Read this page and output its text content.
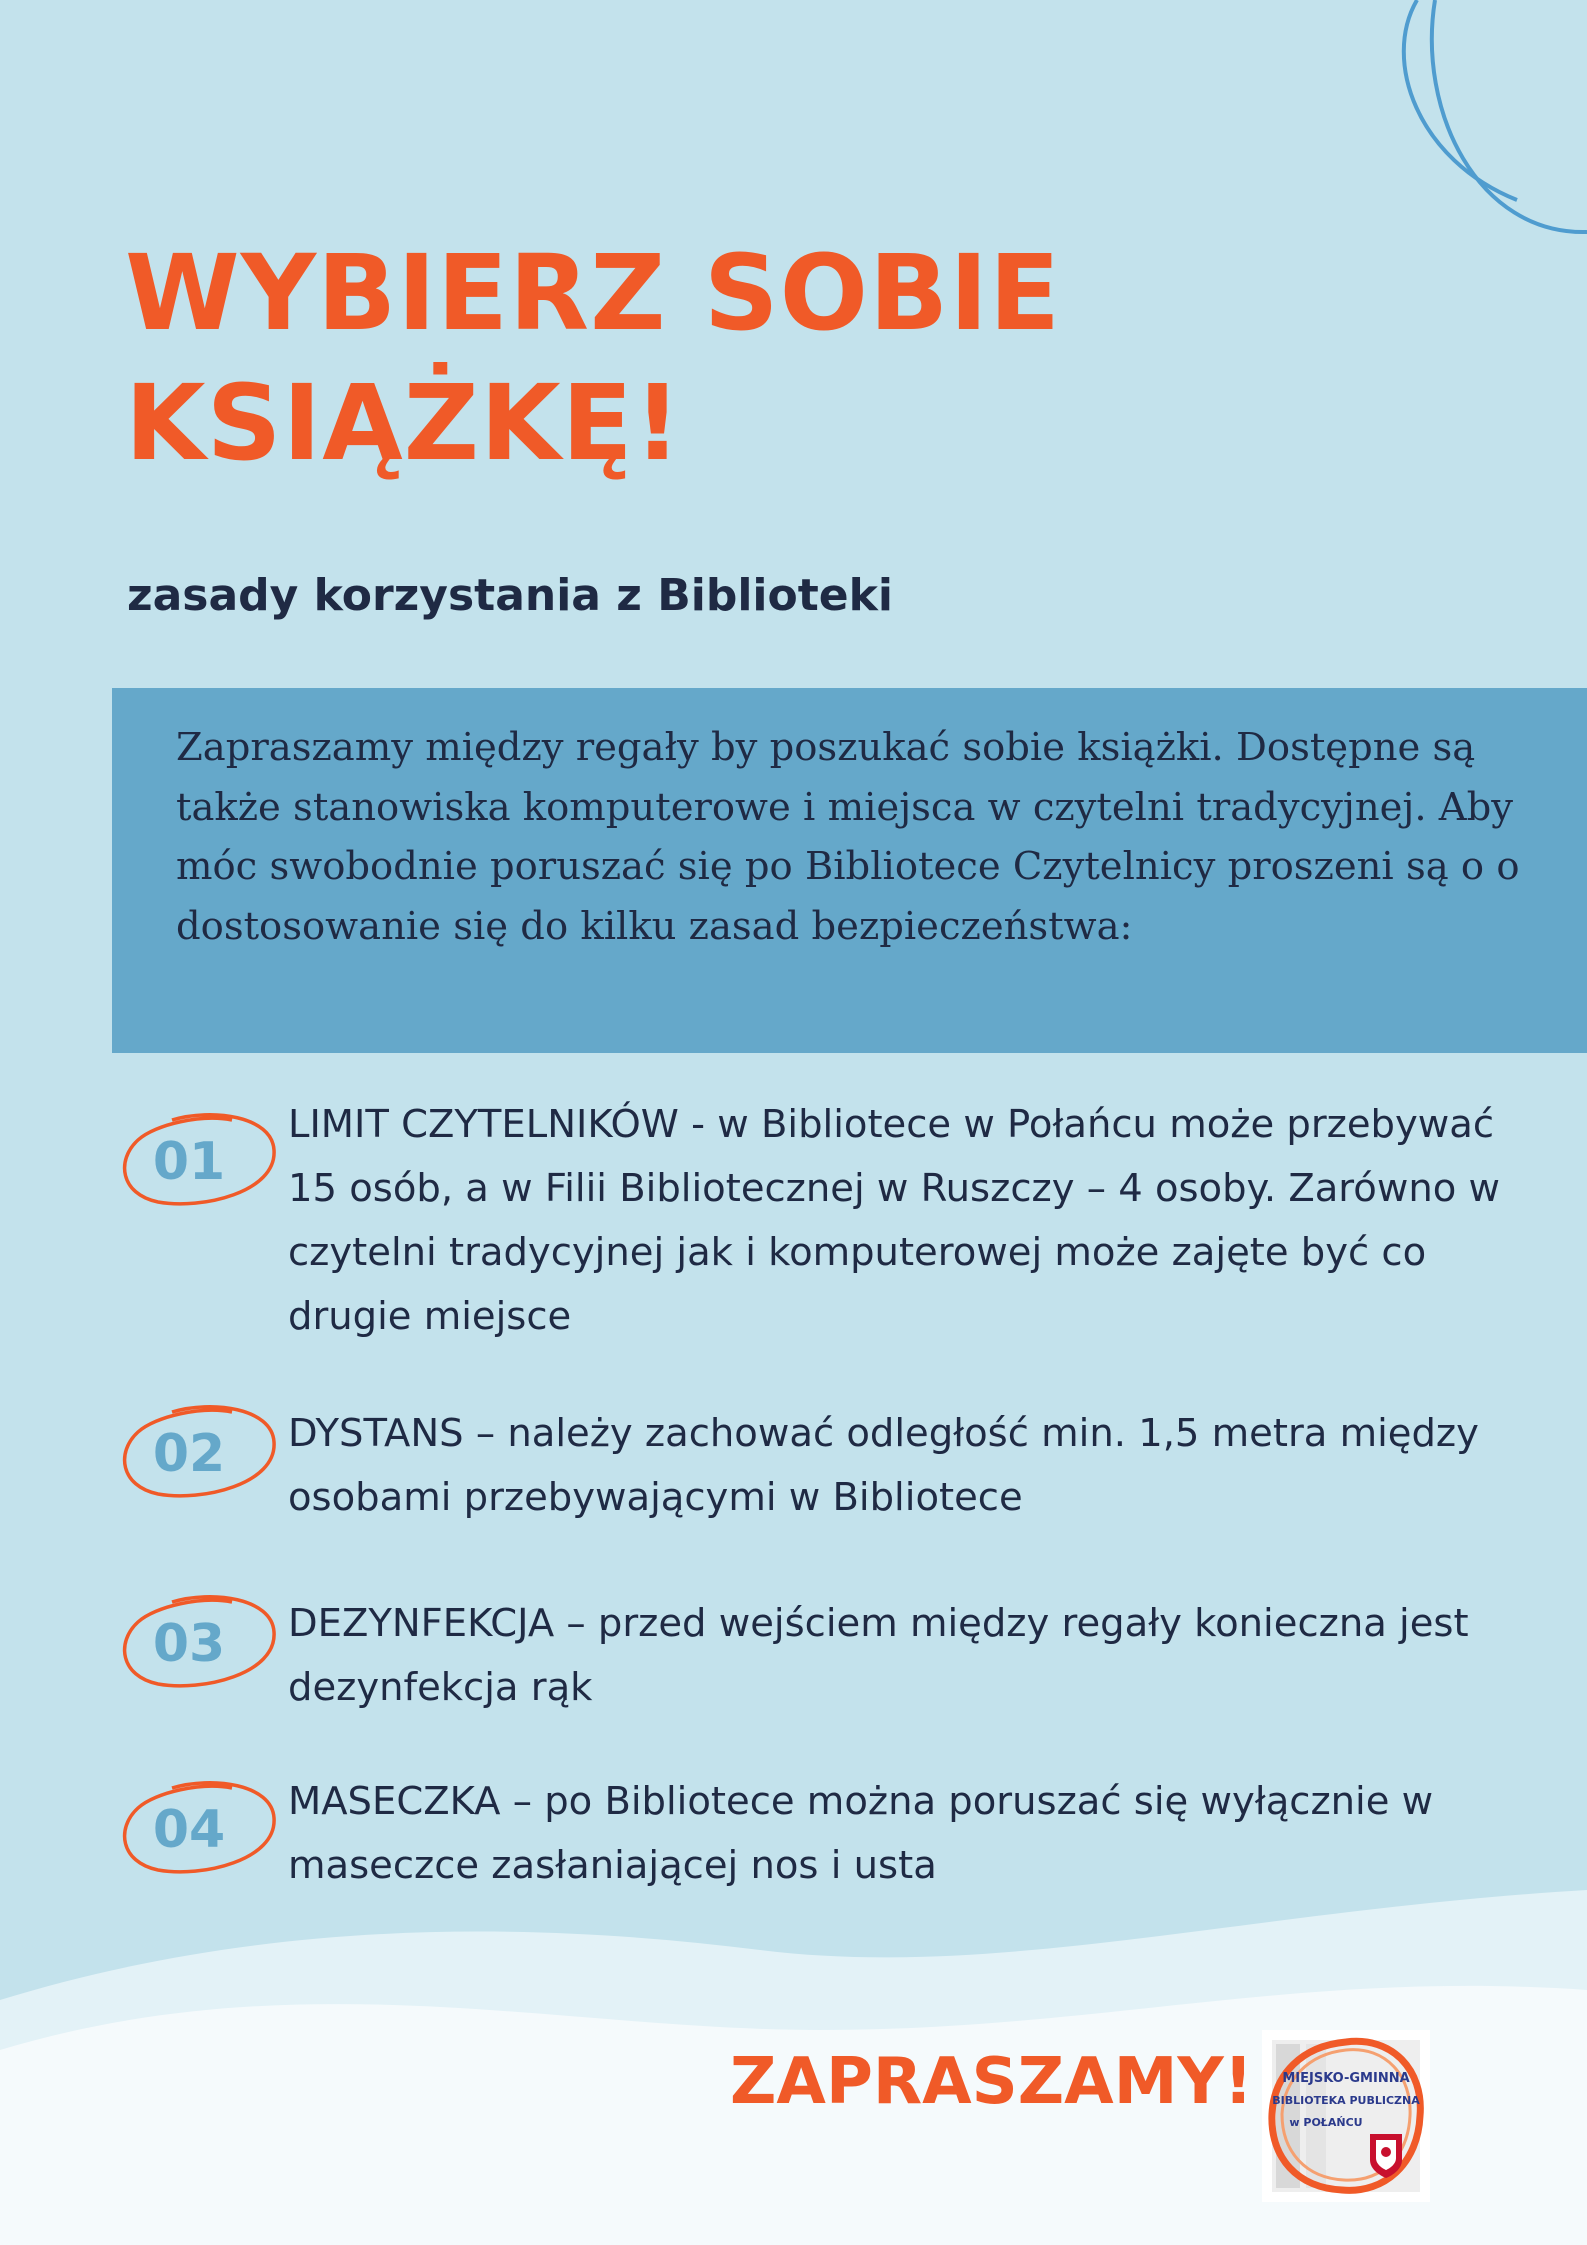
WYBIERZ SOBIE
KSIĄŻKĘ!
zasady korzystania z Biblioteki

Zapraszamy między regały by poszukać sobie książki. Dostępne są także stanowiska komputerowe i miejsca w czytelni tradycyjnej. Aby móc swobodnie poruszać się po Bibliotece Czytelnicy proszeni są o o dostosowanie się do kilku zasad bezpieczeństwa:

01

LIMIT CZYTELNIKÓW - w Bibliotece w Połańcu może przebywać 15 osób, a w Filii Bibliotecznej w Ruszczy – 4 osoby. Zarówno w czytelni tradycyjnej jak i komputerowej może zajęte być co drugie miejsce

02	DYSTANS – należy zachować odległość min. 1,5 metra między osobami przebywającymi w Bibliotece

03	DEZYNFEKCJA – przed wejściem między regały konieczna jest dezynfekcja rąk

04	MASECZKA – po Bibliotece można poruszać się wyłącznie w maseczce zasłaniającej nos i usta

ZAPRASZAMY! MIEJSKO-GMINNA
BIBLIOTEKA PUBLICZNA
w POŁAŃCU
